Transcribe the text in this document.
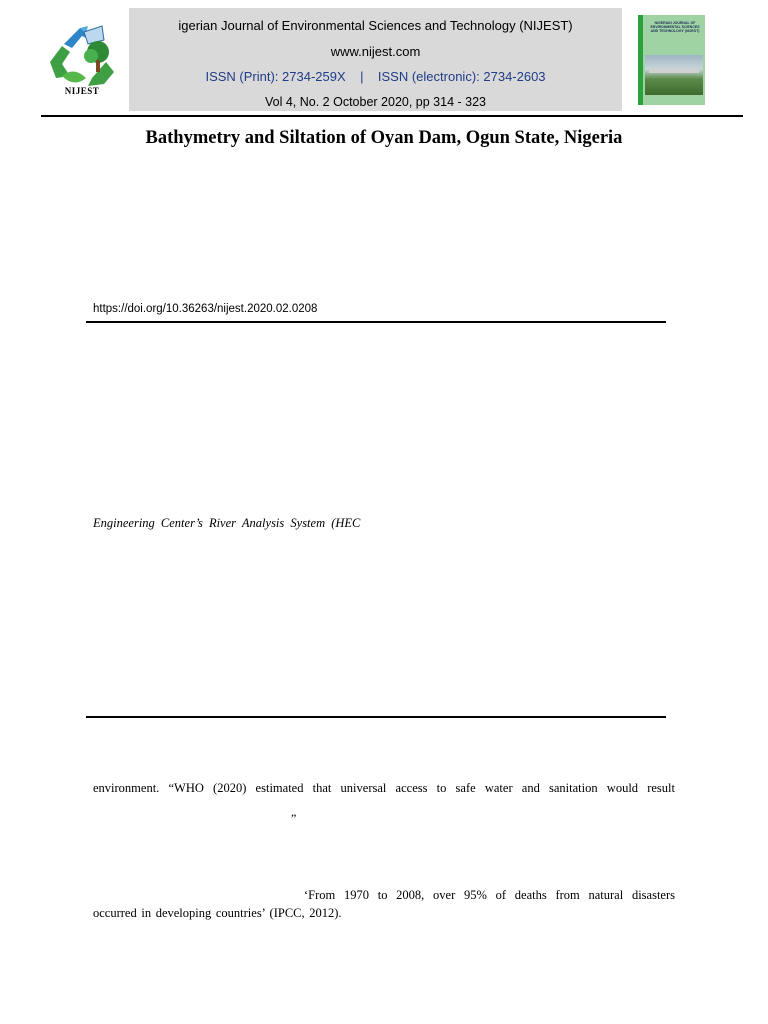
NIJEST
igerian Journal of Environmental Sciences and Technology (NIJEST)
www.nijest.com
ISSN (Print): 2734-259X    |    ISSN (electronic): 2734-2603
Vol 4, No. 2 October 2020, pp 314 - 323
NIGERIAN JOURNAL OF ENVIRONMENTAL SCIENCES AND TECHNOLOGY (NIJEST)
Bathymetry and Siltation of Oyan Dam, Ogun State, Nigeria
https://doi.org/10.36263/nijest.2020.02.0208
Engineering Center’s River Analysis System (HEC
environment. “WHO (2020) estimated that universal access to safe water and sanitation would result
”
‘From 1970 to 2008, over 95% of deaths from natural disasters
occurred in developing countries’ (IPCC, 2012).
